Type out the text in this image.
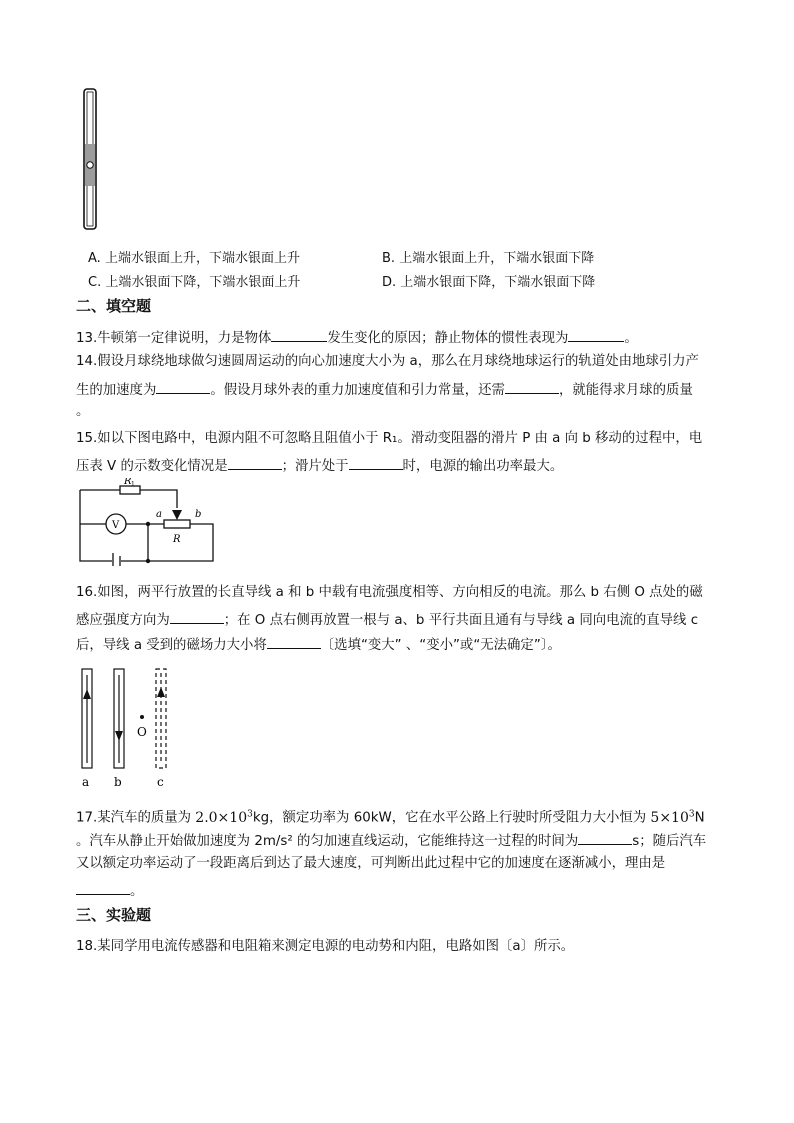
A. 上端水银面上升，下端水银面上升	B. 上端水银面上升，下端水银面下降
C. 上端水银面下降，下端水银面上升	D. 上端水银面下降，下端水银面下降
二、填空题
13.牛顿第一定律说明，力是物体	发生变化的原因；静止物体的惯性表现为	。
14.假设月球绕地球做匀速圆周运动的向心加速度大小为 a，那么在月球绕地球运行的轨道处由地球引力产
生的加速度为	。假设月球外表的重力加速度值和引力常量，还需	，就能得求月球的质量
。
15.如以下图电路中，电源内阻不可忽略且阻值小于 R₁。滑动变阻器的滑片 P 由 a 向 b 移动的过程中，电
压表 V 的示数变化情况是	；滑片处于	时，电源的输出功率最大。
R 1
a	b
R
V
16.如图，两平行放置的长直导线 a 和 b 中载有电流强度相等、方向相反的电流。那么 b 右侧 O 点处的磁
感应强度方向为	；在 O 点右侧再放置一根与 a、b 平行共面且通有与导线 a 同向电流的直导线 c
后，导线 a 受到的磁场力大小将	〔选填“变大” 、“变小”或“无法确定”〕。
O
a b	c
17.某汽车的质量为 $2.0\times 10^3kg$，额定功率为 60kW，它在水平公路上行驶时所受阻力大小恒为 $5\times 10^3N$
。汽车从静止开始做加速度为 2m/s² 的匀加速直线运动，它能维持这一过程的时间为	s；随后汽车
又以额定功率运动了一段距离后到达了最大速度，可判断出此过程中它的加速度在逐渐减小，理由是
。
三、实验题
18.某同学用电流传感器和电阻箱来测定电源的电动势和内阻，电路如图〔a〕所示。
